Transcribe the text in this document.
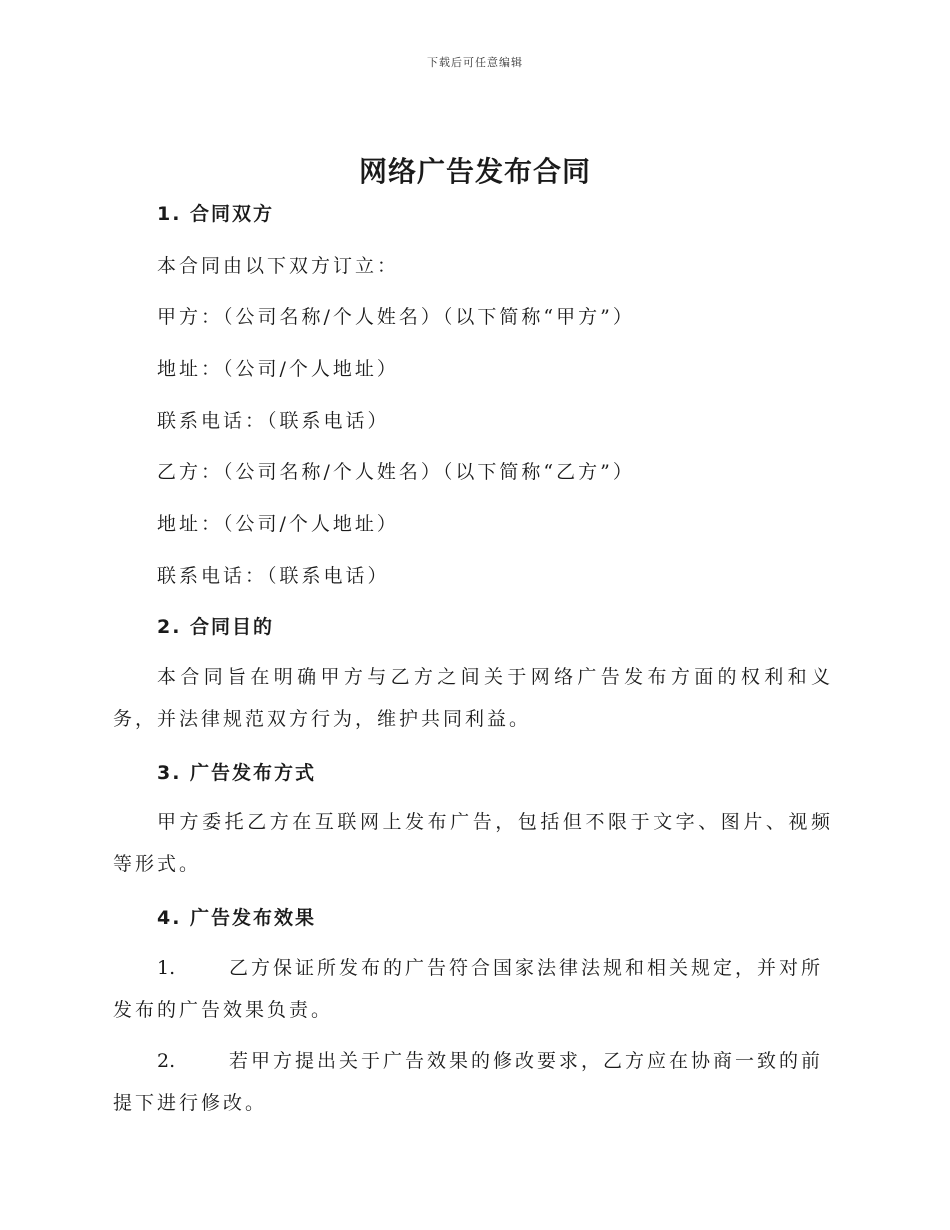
下载后可任意编辑
网络广告发布合同
1. 合同双方
本合同由以下双方订立：
甲方：（公司名称/个人姓名）（以下简称“甲方”）
地址：（公司/个人地址）
联系电话：（联系电话）
乙方：（公司名称/个人姓名）（以下简称“乙方”）
地址：（公司/个人地址）
联系电话：（联系电话）
2. 合同目的
本合同旨在明确甲方与乙方之间关于网络广告发布方面的权利和义务，并法律规范双方行为，维护共同利益。
3. 广告发布方式
甲方委托乙方在互联网上发布广告，包括但不限于文字、图片、视频等形式。
4. 广告发布效果
1.	乙方保证所发布的广告符合国家法律法规和相关规定，并对所发布的广告效果负责。
2.	若甲方提出关于广告效果的修改要求，乙方应在协商一致的前提下进行修改。
